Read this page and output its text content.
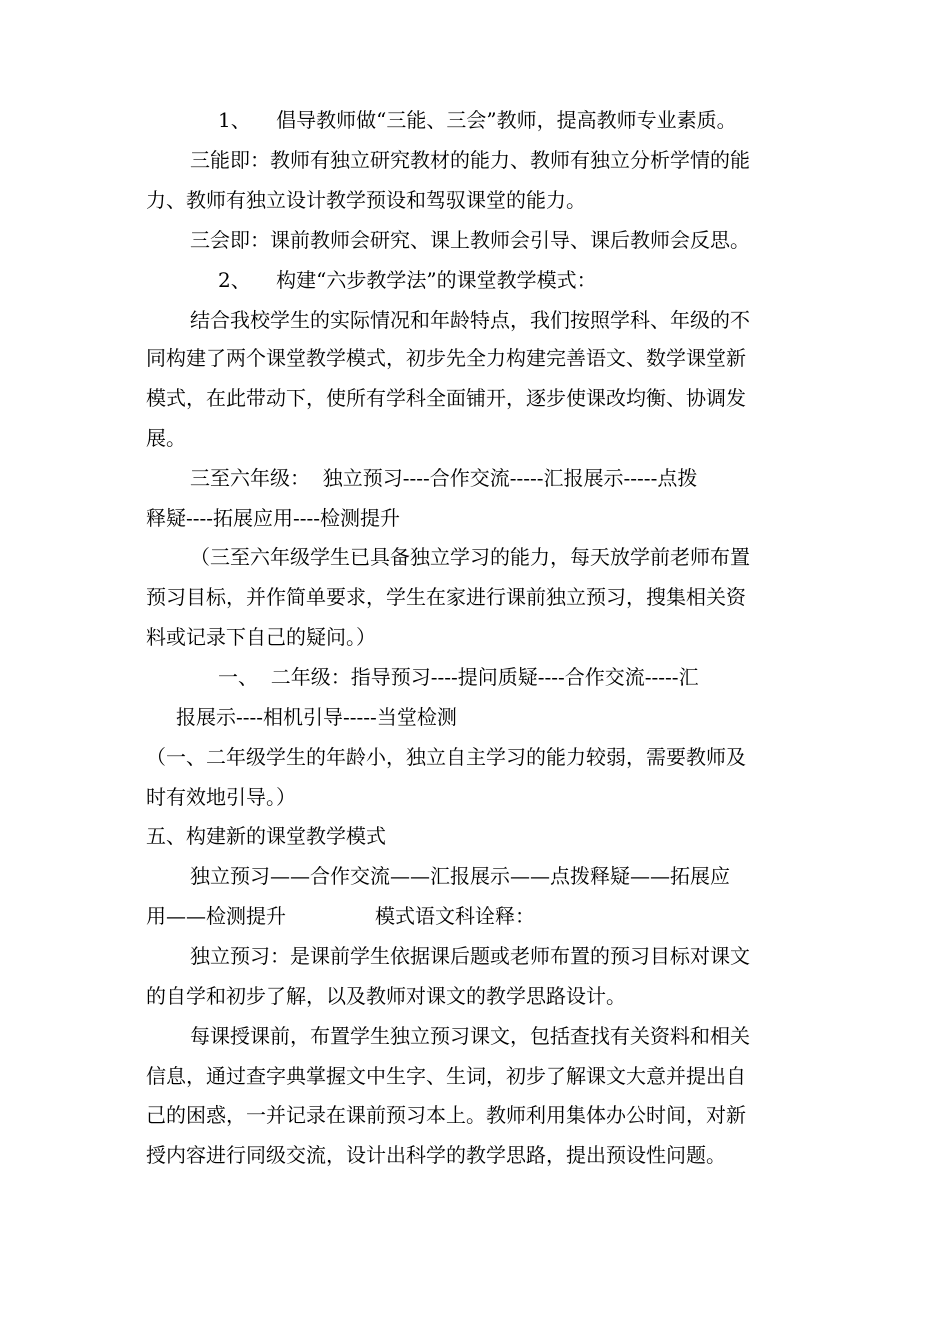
1、    倡导教师做“三能、三会”教师，提高教师专业素质。
三能即：教师有独立研究教材的能力、教师有独立分析学情的能
力、教师有独立设计教学预设和驾驭课堂的能力。
三会即：课前教师会研究、课上教师会引导、课后教师会反思。
2、    构建“六步教学法”的课堂教学模式：
结合我校学生的实际情况和年龄特点，我们按照学科、年级的不
同构建了两个课堂教学模式，初步先全力构建完善语文、数学课堂新
模式，在此带动下，使所有学科全面铺开，逐步使课改均衡、协调发
展。
三至六年级：  独立预习----合作交流-----汇报展示-----点拨
释疑----拓展应用----检测提升
（三至六年级学生已具备独立学习的能力，每天放学前老师布置
预习目标，并作简单要求，学生在家进行课前独立预习，搜集相关资
料或记录下自己的疑问。）
一、  二年级：指导预习----提问质疑----合作交流-----汇
报展示----相机引导-----当堂检测
（一、二年级学生的年龄小，独立自主学习的能力较弱，需要教师及
时有效地引导。）
五、构建新的课堂教学模式
独立预习——合作交流——汇报展示——点拨释疑——拓展应
用——检测提升              模式语文科诠释：
独立预习：是课前学生依据课后题或老师布置的预习目标对课文
的自学和初步了解，以及教师对课文的教学思路设计。
每课授课前，布置学生独立预习课文，包括查找有关资料和相关
信息，通过查字典掌握文中生字、生词，初步了解课文大意并提出自
己的困惑，一并记录在课前预习本上。教师利用集体办公时间，对新
授内容进行同级交流，设计出科学的教学思路，提出预设性问题。
